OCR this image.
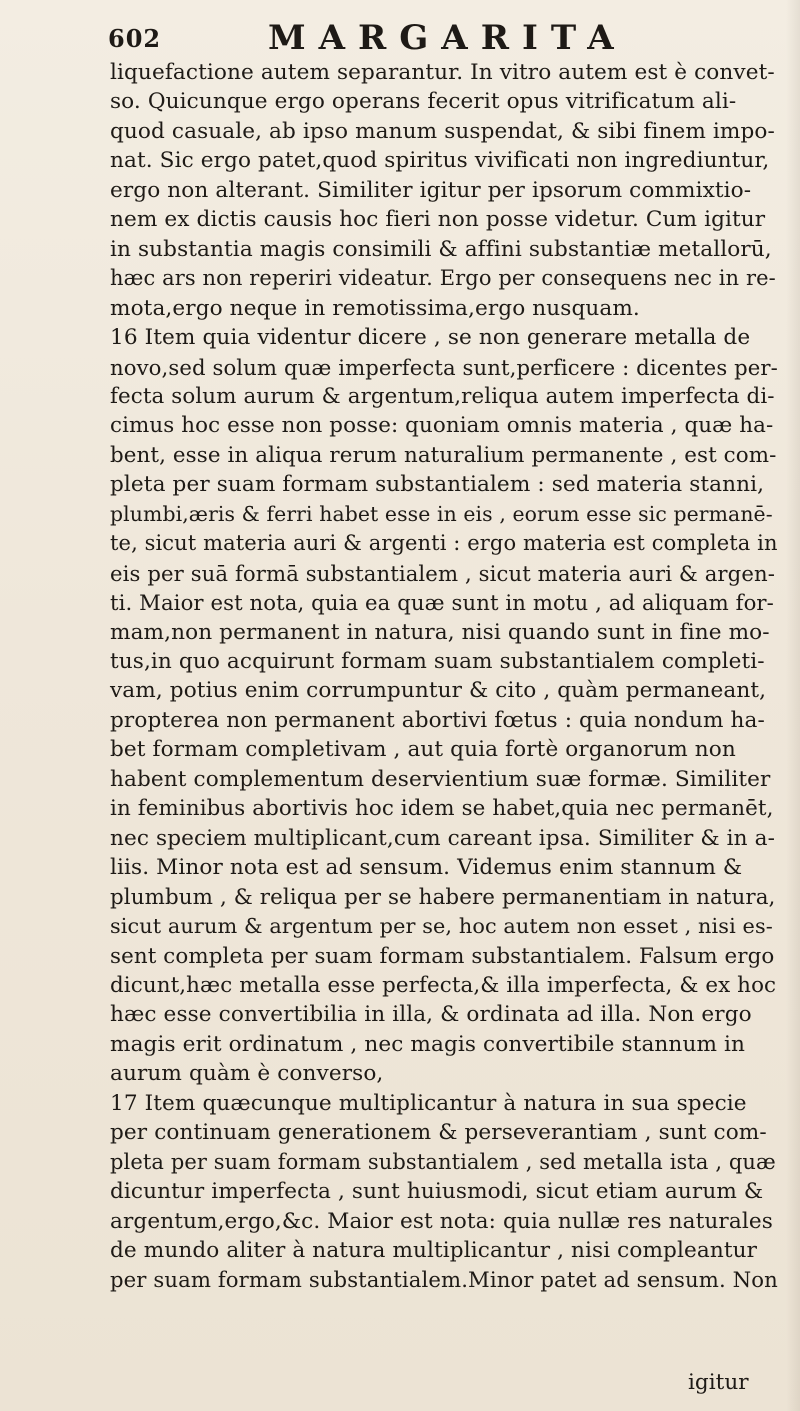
602	MARGARITA
liquefactione autem separantur. In vitro autem est è convet-
so. Quicunque ergo operans fecerit opus vitrificatum ali-
quod casuale, ab ipso manum suspendat, & sibi finem impo-
nat. Sic ergo patet,quod spiritus vivificati non ingrediuntur,
ergo non alterant. Similiter igitur per ipsorum commixtio-
nem ex dictis causis hoc fieri non posse videtur. Cum igitur
in substantia magis consimili & affini substantiæ metallorū,
hæc ars non reperiri videatur. Ergo per consequens nec in re-
mota,ergo neque in remotissima,ergo nusquam.
16 Item quia videntur dicere , se non generare metalla de
novo,sed solum quæ imperfecta sunt,perficere : dicentes per-
fecta solum aurum & argentum,reliqua autem imperfecta di-
cimus hoc esse non posse: quoniam omnis materia , quæ ha-
bent, esse in aliqua rerum naturalium permanente , est com-
pleta per suam formam substantialem : sed materia stanni,
plumbi,æris & ferri habet esse in eis , eorum esse sic permanē-
te, sicut materia auri & argenti : ergo materia est completa in
eis per suā formā substantialem , sicut materia auri & argen-
ti. Maior est nota, quia ea quæ sunt in motu , ad aliquam for-
mam,non permanent in natura, nisi quando sunt in fine mo-
tus,in quo acquirunt formam suam substantialem completi-
vam, potius enim corrumpuntur & cito , quàm permaneant,
propterea non permanent abortivi fœtus : quia nondum ha-
bet formam completivam , aut quia fortè organorum non
habent complementum deservientium suæ formæ. Similiter
in feminibus abortivis hoc idem se habet,quia nec permanēt,
nec speciem multiplicant,cum careant ipsa. Similiter & in a-
liis. Minor nota est ad sensum. Videmus enim stannum &
plumbum , & reliqua per se habere permanentiam in natura,
sicut aurum & argentum per se, hoc autem non esset , nisi es-
sent completa per suam formam substantialem. Falsum ergo
dicunt,hæc metalla esse perfecta,& illa imperfecta, & ex hoc
hæc esse convertibilia in illa, & ordinata ad illa. Non ergo
magis erit ordinatum , nec magis convertibile stannum in
aurum quàm è converso,
17 Item quæcunque multiplicantur à natura in sua specie
per continuam generationem & perseverantiam , sunt com-
pleta per suam formam substantialem , sed metalla ista , quæ
dicuntur imperfecta , sunt huiusmodi, sicut etiam aurum &
argentum,ergo,&c. Maior est nota: quia nullæ res naturales
de mundo aliter à natura multiplicantur , nisi compleantur
per suam formam substantialem.Minor patet ad sensum. Non
igitur
